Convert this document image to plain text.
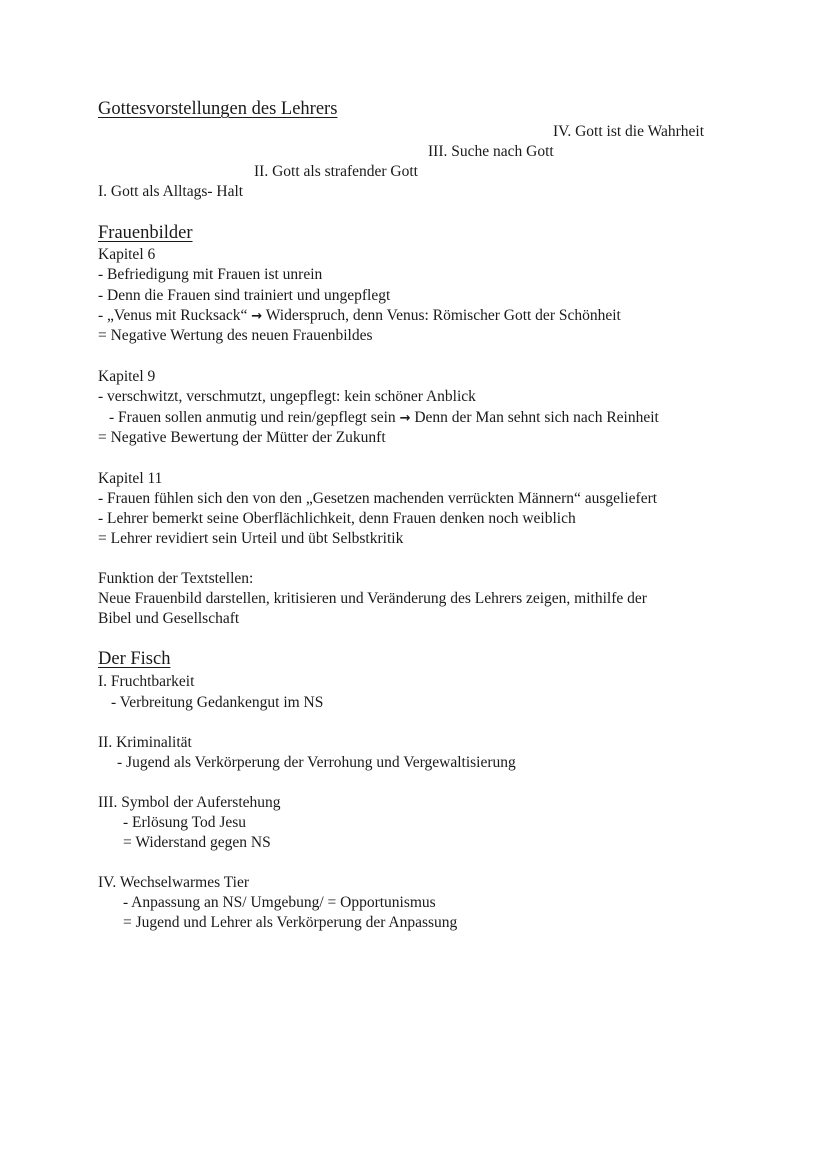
Gottesvorstellungen des Lehrers
IV. Gott ist die Wahrheit
III. Suche nach Gott
II. Gott als strafender Gott
I. Gott als Alltags- Halt
Frauenbilder
Kapitel 6
- Befriedigung mit Frauen ist unrein
- Denn die Frauen sind trainiert und ungepflegt
- „Venus mit Rucksack“ → Widerspruch, denn Venus: Römischer Gott der Schönheit
= Negative Wertung des neuen Frauenbildes
Kapitel 9
- verschwitzt, verschmutzt, ungepflegt: kein schöner Anblick
- Frauen sollen anmutig und rein/gepflegt sein → Denn der Man sehnt sich nach Reinheit
= Negative Bewertung der Mütter der Zukunft
Kapitel 11
- Frauen fühlen sich den von den „Gesetzen machenden verrückten Männern“ ausgeliefert
- Lehrer bemerkt seine Oberflächlichkeit, denn Frauen denken noch weiblich
= Lehrer revidiert sein Urteil und übt Selbstkritik
Funktion der Textstellen:
Neue Frauenbild darstellen, kritisieren und Veränderung des Lehrers zeigen, mithilfe der
Bibel und Gesellschaft
Der Fisch
I. Fruchtbarkeit
- Verbreitung Gedankengut im NS
II. Kriminalität
- Jugend als Verkörperung der Verrohung und Vergewaltisierung
III. Symbol der Auferstehung
- Erlösung Tod Jesu
= Widerstand gegen NS
IV. Wechselwarmes Tier
- Anpassung an NS/ Umgebung/ = Opportunismus
= Jugend und Lehrer als Verkörperung der Anpassung
